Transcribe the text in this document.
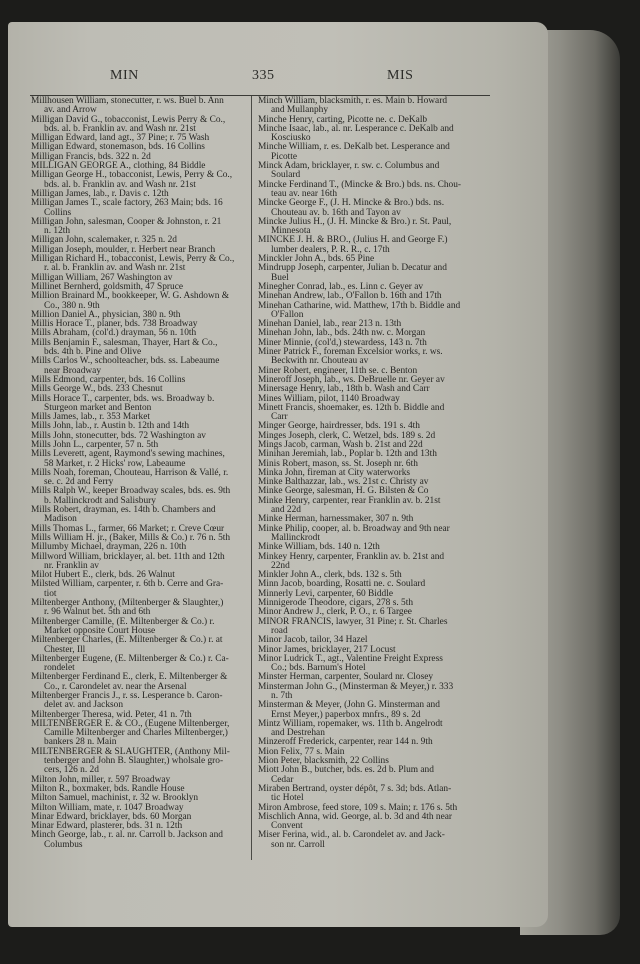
MIN	335	MIS
Millhousen William, stonecutter, r. ws. Buel b. Ann
av. and Arrow
Milligan David G., tobacconist, Lewis Perry & Co.,
bds. al. b. Franklin av. and Wash nr. 21st
Milligan Edward, land agt., 37 Pine; r. 75 Wash
Milligan Edward, stonemason, bds. 16 Collins
Milligan Francis, bds. 322 n. 2d
MILLIGAN GEORGE A., clothing, 84 Biddle
Milligan George H., tobacconist, Lewis, Perry & Co.,
bds. al. b. Franklin av. and Wash nr. 21st
Milligan James, lab., r. Davis c. 12th
Milligan James T., scale factory, 263 Main; bds. 16
Collins
Milligan John, salesman, Cooper & Johnston, r. 21
n. 12th
Milligan John, scalemaker, r. 325 n. 2d
Milligan Joseph, moulder, r. Herbert near Branch
Milligan Richard H., tobacconist, Lewis, Perry & Co.,
r. al. b. Franklin av. and Wash nr. 21st
Milligan William, 267 Washington av
Millinet Bernherd, goldsmith, 47 Spruce
Million Brainard M., bookkeeper, W. G. Ashdown &
Co., 380 n. 9th
Million Daniel A., physician, 380 n. 9th
Millis Horace T., planer, bds. 738 Broadway
Mills Abraham, (col'd.) drayman, 56 n. 10th
Mills Benjamin F., salesman, Thayer, Hart & Co.,
bds. 4th b. Pine and Olive
Mills Carlos W., schoolteacher, bds. ss. Labeaume
near Broadway
Mills Edmond, carpenter, bds. 16 Collins
Mills George W., bds. 233 Chesnut
Mills Horace T., carpenter, bds. ws. Broadway b.
Sturgeon market and Benton
Mills James, lab., r. 353 Market
Mills John, lab., r. Austin b. 12th and 14th
Mills John, stonecutter, bds. 72 Washington av
Mills John L., carpenter, 57 n. 5th
Mills Leverett, agent, Raymond's sewing machines,
58 Market, r. 2 Hicks' row, Labeaume
Mills Noah, foreman, Chouteau, Harrison & Vallé, r.
se. c. 2d and Ferry
Mills Ralph W., keeper Broadway scales, bds. es. 9th
b. Mallinckrodt and Salisbury
Mills Robert, drayman, es. 14th b. Chambers and
Madison
Mills Thomas L., farmer, 66 Market; r. Creve Cœur
Mills William H. jr., (Baker, Mills & Co.) r. 76 n. 5th
Millumby Michael, drayman, 226 n. 10th
Millword William, bricklayer, al. bet. 11th and 12th
nr. Franklin av
Milot Hubert E., clerk, bds. 26 Walnut
Milsted William, carpenter, r. 6th b. Cerre and Gra-
tiot
Miltenberger Anthony, (Miltenberger & Slaughter,)
r. 96 Walnut bet. 5th and 6th
Miltenberger Camille, (E. Miltenberger & Co.) r.
Market opposite Court House
Miltenberger Charles, (E. Miltenberger & Co.) r. at
Chester, Ill
Miltenberger Eugene, (E. Miltenberger & Co.) r. Ca-
rondelet
Miltenberger Ferdinand E., clerk, E. Miltenberger &
Co., r. Carondelet av. near the Arsenal
Miltenberger Francis J., r. ss. Lesperance b. Caron-
delet av. and Jackson
Miltenberger Theresa, wid. Peter, 41 n. 7th
MILTENBERGER E. & CO., (Eugene Miltenberger,
Camille Miltenberger and Charles Miltenberger,)
bankers 28 n. Main
MILTENBERGER & SLAUGHTER, (Anthony Mil-
tenberger and John B. Slaughter,) wholsale gro-
cers, 126 n. 2d
Milton John, miller, r. 597 Broadway
Milton R., boxmaker, bds. Randle House
Milton Samuel, machinist, r. 32 w. Brooklyn
Milton William, mate, r. 1047 Broadway
Minar Edward, bricklayer, bds. 60 Morgan
Minar Edward, plasterer, bds. 31 n. 12th
Minch George, lab., r. al. nr. Carroll b. Jackson and
Columbus
Minch William, blacksmith, r. es. Main b. Howard
and Mullanphy
Minche Henry, carting, Picotte ne. c. DeKalb
Minche Isaac, lab., al. nr. Lesperance c. DeKalb and
Kosciusko
Minche William, r. es. DeKalb bet. Lesperance and
Picotte
Minck Adam, bricklayer, r. sw. c. Columbus and
Soulard
Mincke Ferdinand T., (Mincke & Bro.) bds. ns. Chou-
teau av. near 16th
Mincke George F., (J. H. Mincke & Bro.) bds. ns.
Chouteau av. b. 16th and Tayon av
Mincke Julius H., (J. H. Mincke & Bro.) r. St. Paul,
Minnesota
MINCKE J. H. & BRO., (Julius H. and George F.)
lumber dealers, P. R. R., c. 17th
Minckler John A., bds. 65 Pine
Mindrupp Joseph, carpenter, Julian b. Decatur and
Buel
Minegher Conrad, lab., es. Linn c. Geyer av
Minehan Andrew, lab., O'Fallon b. 16th and 17th
Minehan Catharine, wid. Matthew, 17th b. Biddle and
O'Fallon
Minehan Daniel, lab., rear 213 n. 13th
Minehan John, lab., bds. 24th nw. c. Morgan
Miner Minnie, (col'd,) stewardess, 143 n. 7th
Miner Patrick F., foreman Excelsior works, r. ws.
Beckwith nr. Chouteau av
Miner Robert, engineer, 11th se. c. Benton
Mineroff Joseph, lab., ws. DeBruelle nr. Geyer av
Minersage Henry, lab., 18th b. Wash and Carr
Mines William, pilot, 1140 Broadway
Minett Francis, shoemaker, es. 12th b. Biddle and
Carr
Minger George, hairdresser, bds. 191 s. 4th
Minges Joseph, clerk, C. Wetzel, bds. 189 s. 2d
Mings Jacob, carman, Wash b. 21st and 22d
Minihan Jeremiah, lab., Poplar b. 12th and 13th
Minis Robert, mason, ss. St. Joseph nr. 6th
Minka John, fireman at City waterworks
Minke Balthazzar, lab., ws. 21st c. Christy av
Minke George, salesman, H. G. Bilsten & Co
Minke Henry, carpenter, rear Franklin av. b. 21st
and 22d
Minke Herman, harnessmaker, 307 n. 9th
Minke Philip, cooper, al. b. Broadway and 9th near
Mallinckrodt
Minke William, bds. 140 n. 12th
Minkey Henry, carpenter, Franklin av. b. 21st and
22nd
Minkler John A., clerk, bds. 132 s. 5th
Minn Jacob, boarding, Rosatti ne. c. Soulard
Minnerly Levi, carpenter, 60 Biddle
Minnigerode Theodore, cigars, 278 s. 5th
Minor Andrew J., clerk, P. O., r. 6 Targee
MINOR FRANCIS, lawyer, 31 Pine; r. St. Charles
road
Minor Jacob, tailor, 34 Hazel
Minor James, bricklayer, 217 Locust
Minor Ludrick T., agt., Valentine Freight Express
Co.; bds. Barnum's Hotel
Minster Herman, carpenter, Soulard nr. Closey
Minsterman John G., (Minsterman & Meyer,) r. 333
n. 7th
Minsterman & Meyer, (John G. Minsterman and
Ernst Meyer,) paperbox mnfrs., 89 s. 2d
Mintz William, ropemaker, ws. 11th b. Angelrodt
and Destrehan
Minzeroff Frederick, carpenter, rear 144 n. 9th
Mion Felix, 77 s. Main
Mion Peter, blacksmith, 22 Collins
Miott John B., butcher, bds. es. 2d b. Plum and
Cedar
Miraben Bertrand, oyster dépôt, 7 s. 3d; bds. Atlan-
tic Hotel
Miron Ambrose, feed store, 109 s. Main; r. 176 s. 5th
Mischlich Anna, wid. George, al. b. 3d and 4th near
Convent
Miser Ferina, wid., al. b. Carondelet av. and Jack-
son nr. Carroll
